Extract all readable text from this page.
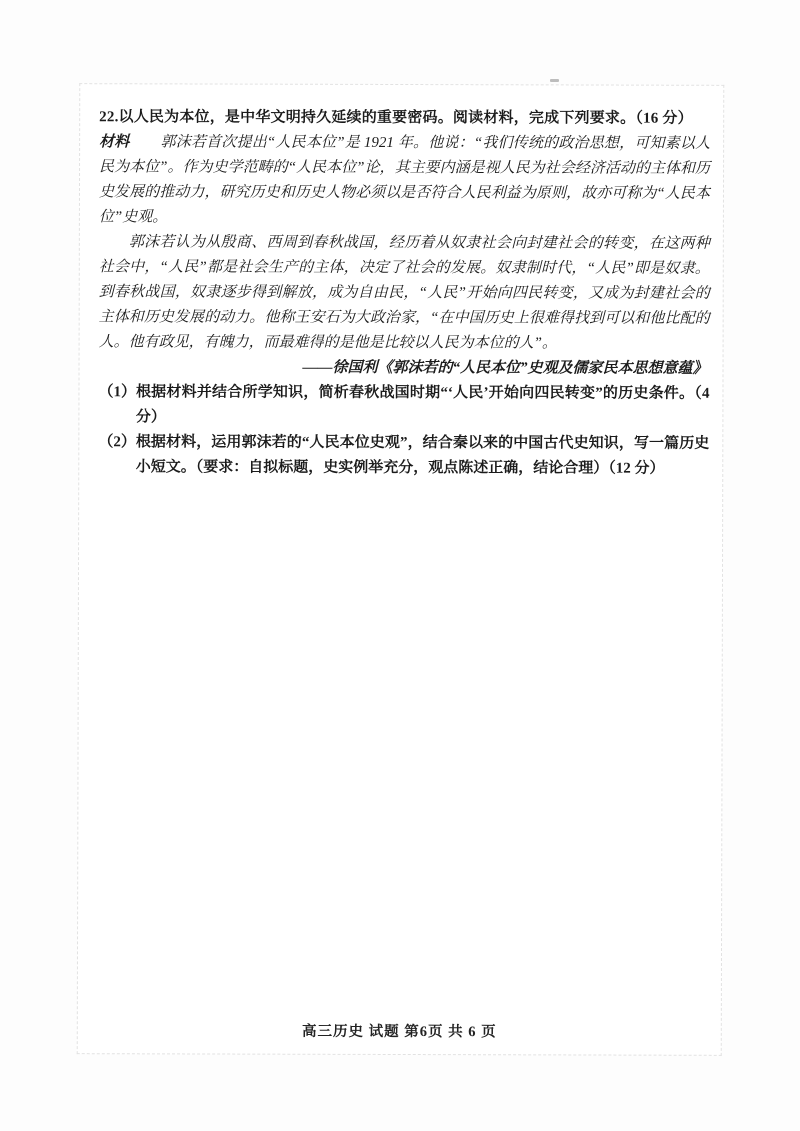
22.以人民为本位，是中华文明持久延续的重要密码。阅读材料，完成下列要求。（16 分）
材料 郭沫若首次提出“人民本位”是 1921 年。他说：“我们传统的政治思想，可知素以人民为本位”。作为史学范畴的“人民本位”论，其主要内涵是视人民为社会经济活动的主体和历史发展的推动力，研究历史和历史人物必须以是否符合人民利益为原则，故亦可称为“人民本位”史观。
郭沫若认为从殷商、西周到春秋战国，经历着从奴隶社会向封建社会的转变，在这两种社会中，“人民”都是社会生产的主体，决定了社会的发展。奴隶制时代，“人民”即是奴隶。到春秋战国，奴隶逐步得到解放，成为自由民，“人民”开始向四民转变，又成为封建社会的主体和历史发展的动力。他称王安石为大政治家，“在中国历史上很难得找到可以和他比配的人。他有政见，有魄力，而最难得的是他是比较以人民为本位的人”。
——徐国利《郭沫若的“人民本位”史观及儒家民本思想意蕴》
（1） 根据材料并结合所学知识，简析春秋战国时期“‘人民’开始向四民转变”的历史条件。（4 分）
（2） 根据材料，运用郭沫若的“人民本位史观”，结合秦以来的中国古代史知识，写一篇历史小短文。（要求：自拟标题，史实例举充分，观点陈述正确，结论合理）（12 分）
高三历史 试题 第6页 共 6 页
